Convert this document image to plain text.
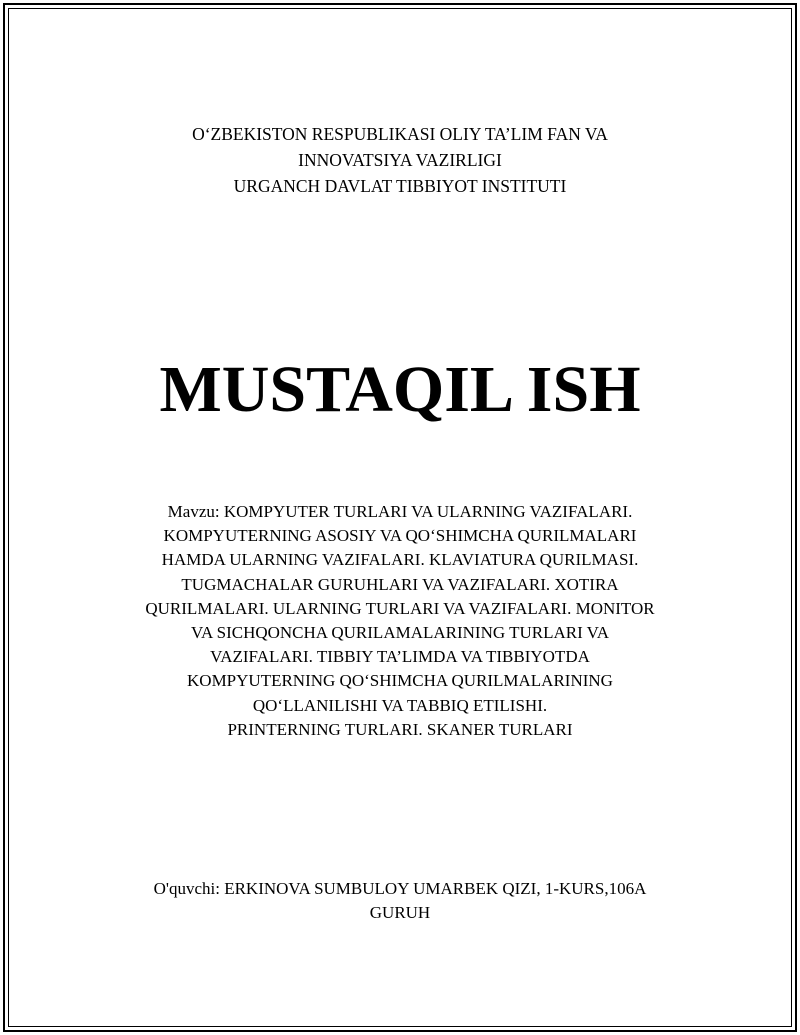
O‘ZBEKISTON RESPUBLIKASI OLIY TA’LIM FAN VA
INNOVATSIYA VAZIRLIGI
URGANCH DAVLAT TIBBIYOT INSTITUTI
MUSTAQIL ISH
Mavzu: KOMPYUTER TURLARI VA ULARNING VAZIFALARI.
KOMPYUTERNING ASOSIY VA QO‘SHIMCHA QURILMALARI
HAMDA ULARNING VAZIFALARI. KLAVIATURA QURILMASI.
TUGMACHALAR GURUHLARI VA VAZIFALARI. XOTIRA
QURILMALARI. ULARNING TURLARI VA VAZIFALARI. MONITOR
VA SICHQONCHA QURILAMALARINING TURLARI VA
VAZIFALARI. TIBBIY TA’LIMDA VA TIBBIYOTDA
KOMPYUTERNING QO‘SHIMCHA QURILMALARINING
QO‘LLANILISHI VA TABBIQ ETILISHI.
PRINTERNING TURLARI. SKANER TURLARI
O'quvchi: ERKINOVA SUMBULOY UMARBEK QIZI, 1-KURS,106A
GURUH
